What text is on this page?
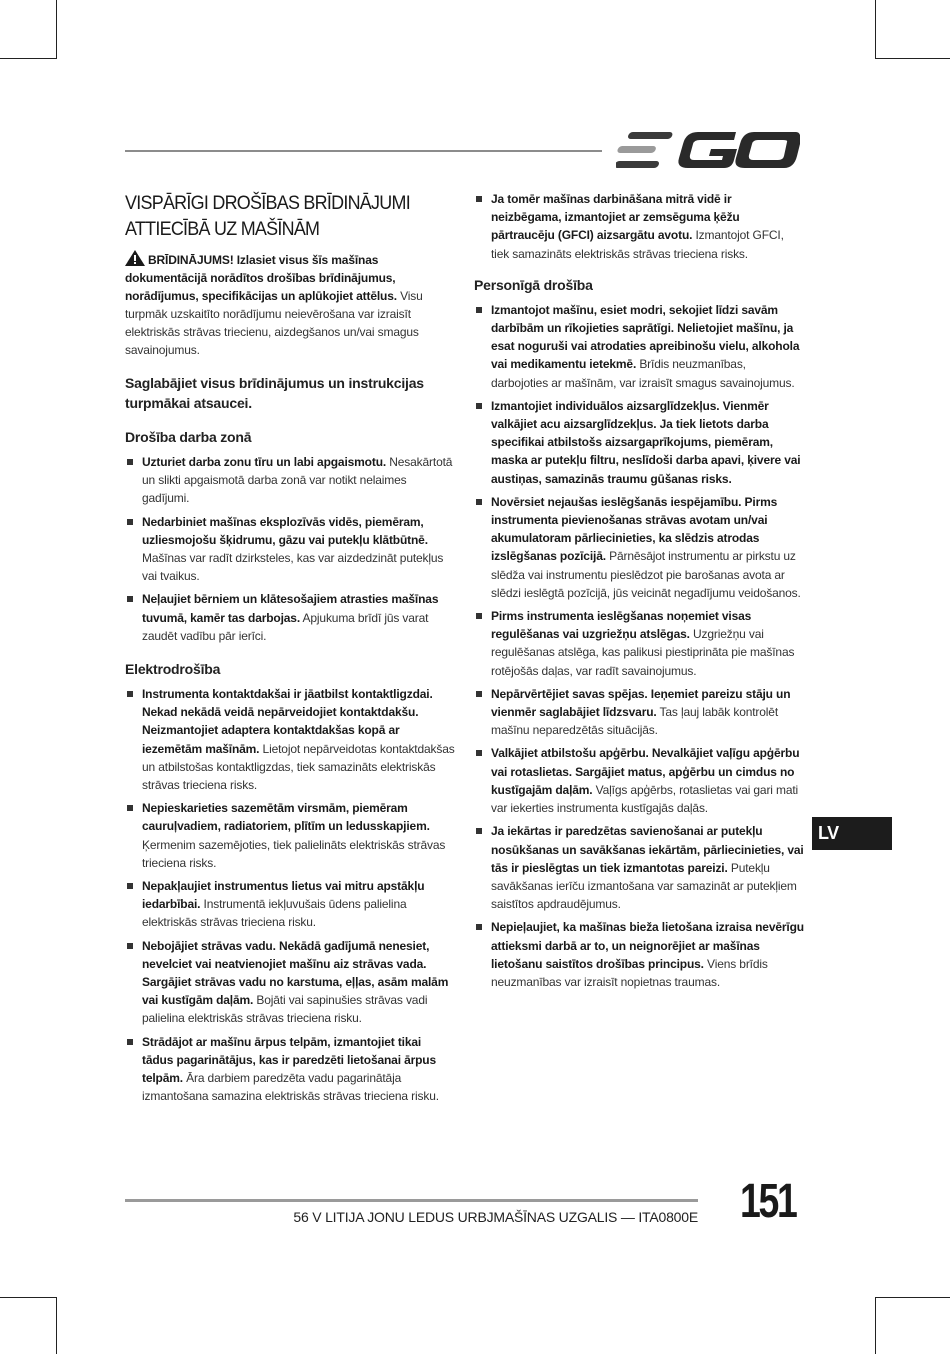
VISPĀRĪGI DROŠĪBAS BRĪDINĀJUMI ATTIECĪBĀ UZ MAŠĪNĀM

BRĪDINĀJUMS! Izlasiet visus šīs mašīnas dokumentācijā norādītos drošības brīdinājumus, norādījumus, specifikācijas un aplūkojiet attēlus. Visu turpmāk uzskaitīto norādījumu neievērošana var izraisīt elektriskās strāvas triecienu, aizdegšanos un/vai smagus savainojumus.

Saglabājiet visus brīdinājumus un instrukcijas turpmākai atsaucei.

Drošība darba zonā
Uzturiet darba zonu tīru un labi apgaismotu. Nesakārtotā un slikti apgaismotā darba zonā var notikt nelaimes gadījumi.
Nedarbiniet mašīnas eksplozīvās vidēs, piemēram, uzliesmojošu šķidrumu, gāzu vai putekļu klātbūtnē. Mašīnas var radīt dzirksteles, kas var aizdedzināt putekļus vai tvaikus.
Neļaujiet bērniem un klātesošajiem atrasties mašīnas tuvumā, kamēr tas darbojas. Apjukuma brīdī jūs varat zaudēt vadību pār ierīci.
Elektrodrošība
Instrumenta kontaktdakšai ir jāatbilst kontaktligzdai. Nekad nekādā veidā nepārveidojiet kontaktdakšu. Neizmantojiet adaptera kontaktdakšas kopā ar iezemētām mašīnām. Lietojot nepārveidotas kontaktdakšas un atbilstošas kontaktligzdas, tiek samazināts elektriskās strāvas trieciena risks.
Nepieskarieties sazemētām virsmām, piemēram cauruļvadiem, radiatoriem, plītīm un ledusskapjiem. Ķermenim sazemējoties, tiek palielināts elektriskās strāvas trieciena risks.
Nepakļaujiet instrumentus lietus vai mitru apstākļu iedarbībai. Instrumentā iekļuvušais ūdens palielina elektriskās strāvas trieciena risku.
Nebojājiet strāvas vadu. Nekādā gadījumā nenesiet, nevelciet vai neatvienojiet mašīnu aiz strāvas vada. Sargājiet strāvas vadu no karstuma, eļļas, asām malām vai kustīgām daļām. Bojāti vai sapinušies strāvas vadi palielina elektriskās strāvas trieciena risku.
Strādājot ar mašīnu ārpus telpām, izmantojiet tikai tādus pagarinātājus, kas ir paredzēti lietošanai ārpus telpām. Āra darbiem paredzēta vadu pagarinātāja izmantošana samazina elektriskās strāvas trieciena risku.
Ja tomēr mašīnas darbināšana mitrā vidē ir neizbēgama, izmantojiet ar zemsēguma ķēžu pārtraucēju (GFCI) aizsargātu avotu. Izmantojot GFCI, tiek samazināts elektriskās strāvas trieciena risks.
Personīgā drošība
Izmantojot mašīnu, esiet modri, sekojiet līdzi savām darbībām un rīkojieties saprātīgi. Nelietojiet mašīnu, ja esat noguruši vai atrodaties apreibinošu vielu, alkohola vai medikamentu ietekmē. Brīdis neuzmanības, darbojoties ar mašīnām, var izraisīt smagus savainojumus.
Izmantojiet individuālos aizsarglīdzekļus. Vienmēr valkājiet acu aizsarglīdzekļus. Ja tiek lietots darba specifikai atbilstošs aizsargaprīkojums, piemēram, maska ar putekļu filtru, neslīdoši darba apavi, ķivere vai austiņas, samazinās traumu gūšanas risks.
Novērsiet nejaušas ieslēgšanās iespējamību. Pirms instrumenta pievienošanas strāvas avotam un/vai akumulatoram pārliecinieties, ka slēdzis atrodas izslēgšanas pozīcijā. Pārnēsājot instrumentu ar pirkstu uz slēdža vai instrumentu pieslēdzot pie barošanas avota ar slēdzi ieslēgtā pozīcijā, jūs veicināt negadījumu veidošanos.
Pirms instrumenta ieslēgšanas noņemiet visas regulēšanas vai uzgriežņu atslēgas. Uzgriežņu vai regulēšanas atslēga, kas palikusi piestiprināta pie mašīnas rotējošās daļas, var radīt savainojumus.
Nepārvērtējiet savas spējas. Ieņemiet pareizu stāju un vienmēr saglabājiet līdzsvaru. Tas ļauj labāk kontrolēt mašīnu neparedzētās situācijās.
Valkājiet atbilstošu apģērbu. Nevalkājiet vaļīgu apģērbu vai rotaslietas. Sargājiet matus, apģērbu un cimdus no kustīgajām daļām. Vaļīgs apģērbs, rotaslietas vai gari mati var iekerties instrumenta kustīgajās daļās.
Ja iekārtas ir paredzētas savienošanai ar putekļu nosūkšanas un savākšanas iekārtām, pārliecinieties, vai tās ir pieslēgtas un tiek izmantotas pareizi. Putekļu savākšanas ierīču izmantošana var samazināt ar putekļiem saistītos apdraudējumus.
Nepieļaujiet, ka mašīnas bieža lietošana izraisa nevērīgu attieksmi darbā ar to, un neignorējiet ar mašīnas lietošanu saistītos drošības principus. Viens brīdis neuzmanības var izraisīt nopietnas traumas.
LV
56 V LITIJA JONU LEDUS URBJMAŠĪNAS UZGALIS — ITA0800E 151
